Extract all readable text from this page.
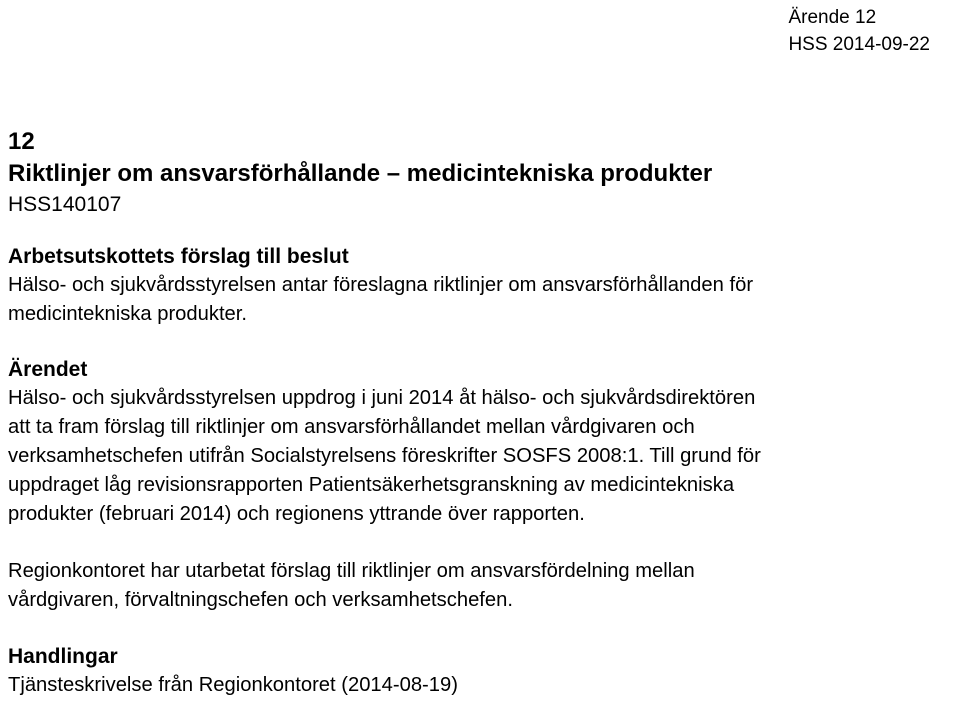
Ärende 12
HSS 2014-09-22
12
Riktlinjer om ansvarsförhållande – medicintekniska produkter
HSS140107
Arbetsutskottets förslag till beslut
Hälso- och sjukvårdsstyrelsen antar föreslagna riktlinjer om ansvarsförhållanden för
medicintekniska produkter.
Ärendet
Hälso- och sjukvårdsstyrelsen uppdrog i juni 2014 åt hälso- och sjukvårdsdirektören
att ta fram förslag till riktlinjer om ansvarsförhållandet mellan vårdgivaren och
verksamhetschefen utifrån Socialstyrelsens föreskrifter SOSFS 2008:1. Till grund för
uppdraget låg revisionsrapporten Patientsäkerhetsgranskning av medicintekniska
produkter (februari 2014) och regionens yttrande över rapporten.
Regionkontoret har utarbetat förslag till riktlinjer om ansvarsfördelning mellan
vårdgivaren, förvaltningschefen och verksamhetschefen.
Handlingar
Tjänsteskrivelse från Regionkontoret (2014-08-19)
